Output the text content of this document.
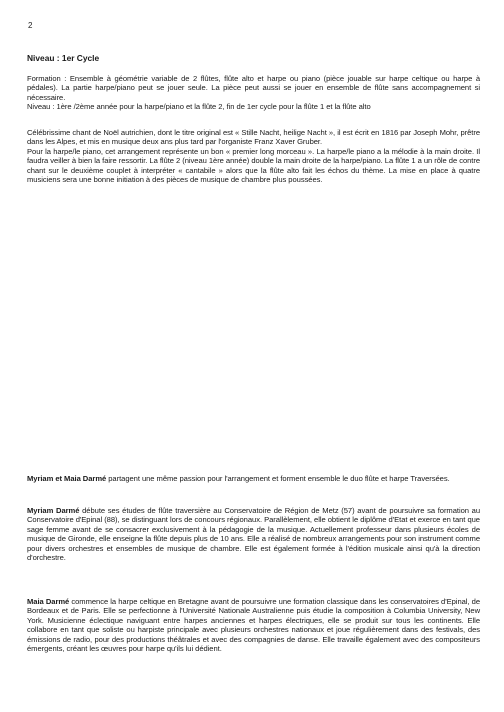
2
Niveau : 1er Cycle

Formation : Ensemble à géométrie variable de 2 flûtes, flûte alto et harpe ou piano (pièce jouable sur harpe celtique ou harpe à pédales). La partie harpe/piano peut se jouer seule. La pièce peut aussi se jouer en ensemble de flûte sans accompagnement si nécessaire.

Niveau : 1ère /2ème année pour la harpe/piano et la flûte 2, fin de 1er cycle pour la flûte 1 et la flûte alto

Célébrissime chant de Noël autrichien, dont le titre original est « Stille Nacht, heilige Nacht », il est écrit en 1816 par Joseph Mohr, prêtre dans les Alpes, et mis en musique deux ans plus tard par l'organiste Franz Xaver Gruber.

Pour la harpe/le piano, cet arrangement représente un bon « premier long morceau ». La harpe/le piano a la mélodie à la main droite. Il faudra veiller à bien la faire ressortir. La flûte 2 (niveau 1ère année) double la main droite de la harpe/piano. La flûte 1 a un rôle de contre chant sur le deuxième couplet à interpréter « cantabile » alors que la flûte alto fait les échos du thème. La mise en place à quatre musiciens sera une bonne initiation à des pièces de musique de chambre plus poussées.

Myriam et Maia Darmé partagent une même passion pour l'arrangement et forment ensemble le duo flûte et harpe Traversées.

Myriam Darmé débute ses études de flûte traversière au Conservatoire de Région de Metz (57) avant de poursuivre sa formation au Conservatoire d'Epinal (88), se distinguant lors de concours régionaux. Parallèlement, elle obtient le diplôme d'Etat et exerce en tant que sage femme avant de se consacrer exclusivement à la pédagogie de la musique. Actuellement professeur dans plusieurs écoles de musique de Gironde, elle enseigne la flûte depuis plus de 10 ans. Elle a réalisé de nombreux arrangements pour son instrument comme pour divers orchestres et ensembles de musique de chambre. Elle est également formée à l'édition musicale ainsi qu'à la direction d'orchestre.

Maia Darmé commence la harpe celtique en Bretagne avant de poursuivre une formation classique dans les conservatoires d'Epinal, de Bordeaux et de Paris. Elle se perfectionne à l'Université Nationale Australienne puis étudie la composition à Columbia University, New York. Musicienne éclectique naviguant entre harpes anciennes et harpes électriques, elle se produit sur tous les continents. Elle collabore en tant que soliste ou harpiste principale avec plusieurs orchestres nationaux et joue régulièrement dans des festivals, des émissions de radio, pour des productions théâtrales et avec des compagnies de danse. Elle travaille également avec des compositeurs émergents, créant les œuvres pour harpe qu'ils lui dédient.
